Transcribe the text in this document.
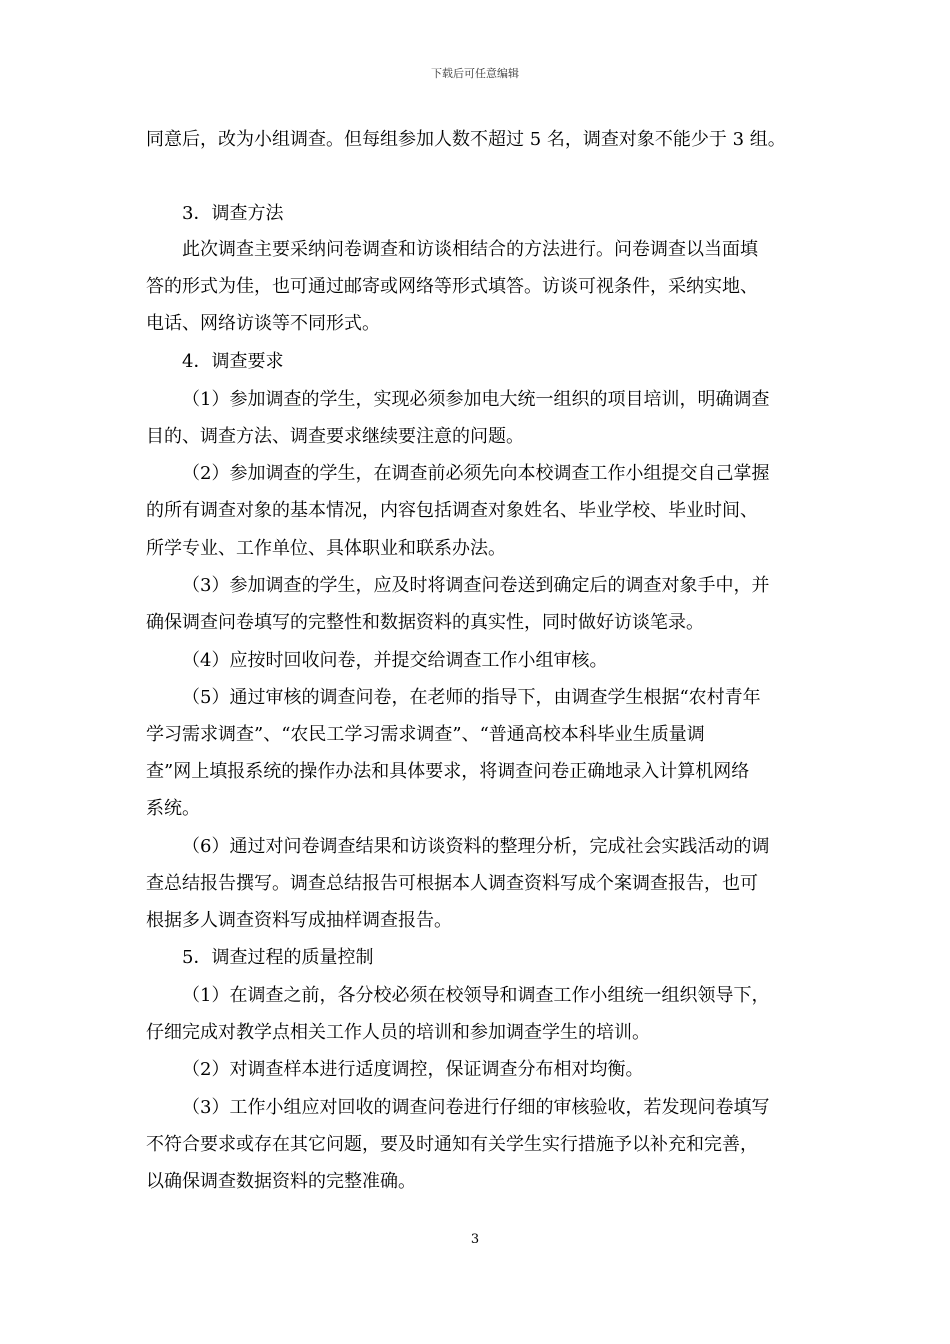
下载后可任意编辑
同意后，改为小组调查。但每组参加人数不超过 5 名，调查对象不能少于 3 组。
3．调查方法
此次调查主要采纳问卷调查和访谈相结合的方法进行。问卷调查以当面填
答的形式为佳，也可通过邮寄或网络等形式填答。访谈可视条件，采纳实地、
电话、网络访谈等不同形式。
4．调查要求
（1）参加调查的学生，实现必须参加电大统一组织的项目培训，明确调查
目的、调查方法、调查要求继续要注意的问题。
（2）参加调查的学生，在调查前必须先向本校调查工作小组提交自己掌握
的所有调查对象的基本情况，内容包括调查对象姓名、毕业学校、毕业时间、
所学专业、工作单位、具体职业和联系办法。
（3）参加调查的学生，应及时将调查问卷送到确定后的调查对象手中，并
确保调查问卷填写的完整性和数据资料的真实性，同时做好访谈笔录。
（4）应按时回收问卷，并提交给调查工作小组审核。
（5）通过审核的调查问卷，在老师的指导下，由调查学生根据“农村青年
学习需求调查”、“农民工学习需求调查”、“普通高校本科毕业生质量调
查”网上填报系统的操作办法和具体要求，将调查问卷正确地录入计算机网络
系统。
（6）通过对问卷调查结果和访谈资料的整理分析，完成社会实践活动的调
查总结报告撰写。调查总结报告可根据本人调查资料写成个案调查报告，也可
根据多人调查资料写成抽样调查报告。
5．调查过程的质量控制
（1）在调查之前，各分校必须在校领导和调查工作小组统一组织领导下，
仔细完成对教学点相关工作人员的培训和参加调查学生的培训。
（2）对调查样本进行适度调控，保证调查分布相对均衡。
（3）工作小组应对回收的调查问卷进行仔细的审核验收，若发现问卷填写
不符合要求或存在其它问题，要及时通知有关学生实行措施予以补充和完善，
以确保调查数据资料的完整准确。
3
